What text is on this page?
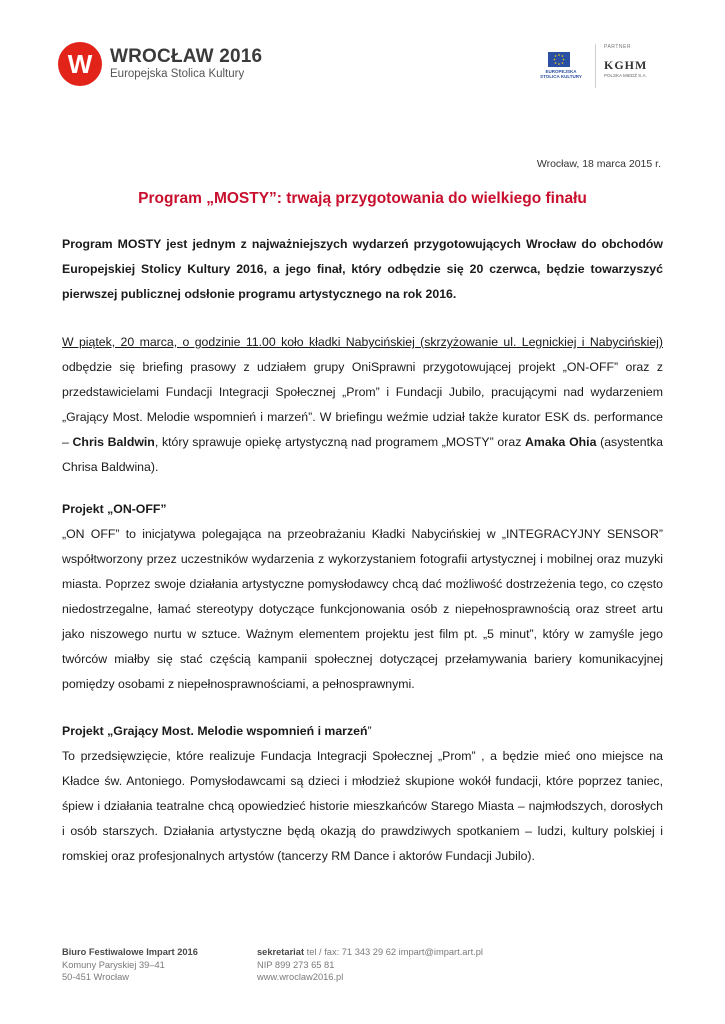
W WROCŁAW 2016
Europejska Stolica Kultury	EUROPEJSKA STOLICA KULTURY
PARTNER
KGHM
POLSKA MIEDŹ S.A.
Wrocław, 18 marca 2015 r.
Program „MOSTY”: trwają przygotowania do wielkiego finału
Program MOSTY jest jednym z najważniejszych wydarzeń przygotowujących Wrocław do obchodów Europejskiej Stolicy Kultury 2016, a jego finał, który odbędzie się 20 czerwca, będzie towarzyszyć pierwszej publicznej odsłonie programu artystycznego na rok 2016.
W piątek, 20 marca, o godzinie 11.00 koło kładki Nabycińskiej (skrzyżowanie ul. Legnickiej i Nabycińskiej) odbędzie się briefing prasowy z udziałem grupy OniSprawni przygotowującej projekt „ON-OFF” oraz z przedstawicielami Fundacji Integracji Społecznej „Prom” i Fundacji Jubilo, pracującymi nad wydarzeniem „Grający Most. Melodie wspomnień i marzeń”. W briefingu weźmie udział także kurator ESK ds. performance – Chris Baldwin, który sprawuje opiekę artystyczną nad programem „MOSTY” oraz Amaka Ohia (asystentka Chrisa Baldwina).
Projekt „ON-OFF”
„ON OFF” to inicjatywa polegająca na przeobrażaniu Kładki Nabycińskiej w „INTEGRACYJNY SENSOR” współtworzony przez uczestników wydarzenia z wykorzystaniem fotografii artystycznej i mobilnej oraz muzyki miasta. Poprzez swoje działania artystyczne pomysłodawcy chcą dać możliwość dostrzeżenia tego, co często niedostrzegalne, łamać stereotypy dotyczące funkcjonowania osób z niepełnosprawnością oraz street artu jako niszowego nurtu w sztuce. Ważnym elementem projektu jest film pt. „5 minut”, który w zamyśle jego twórców miałby się stać częścią kampanii społecznej dotyczącej przełamywania bariery komunikacyjnej pomiędzy osobami z niepełnosprawnościami, a pełnosprawnymi.
Projekt „Grający Most. Melodie wspomnień i marzeń”
To przedsięwzięcie, które realizuje Fundacja Integracji Społecznej „Prom” , a będzie mieć ono miejsce na Kładce św. Antoniego. Pomysłodawcami są dzieci i młodzież skupione wokół fundacji, które poprzez taniec, śpiew i działania teatralne chcą opowiedzieć historie mieszkańców Starego Miasta – najmłodszych, dorosłych i osób starszych. Działania artystyczne będą okazją do prawdziwych spotkaniem – ludzi, kultury polskiej i romskiej oraz profesjonalnych artystów (tancerzy RM Dance i aktorów Fundacji Jubilo).
Biuro Festiwalowe Impart 2016
Komuny Paryskiej 39–41
50-451 Wrocław
sekretariat tel / fax: 71 343 29 62 impart@impart.art.pl
NIP 899 273 65 81
www.wroclaw2016.pl
